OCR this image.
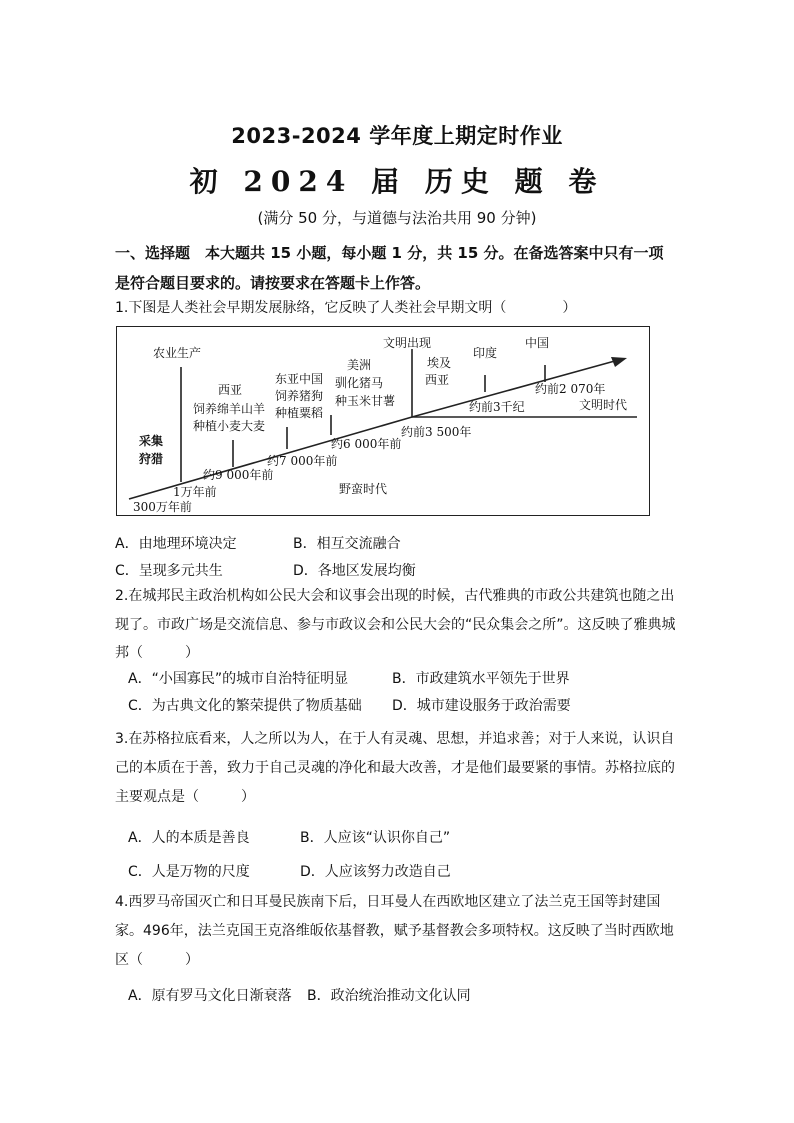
2023-2024 学年度上期定时作业
初 2024 届 历史 题 卷
(满分 50 分，与道德与法治共用 90 分钟)
一、选择题　本大题共 15 小题，每小题 1 分，共 15 分。在备选答案中只有一项是符合题目要求的。请按要求在答题卡上作答。
1.下图是人类社会早期发展脉络，它反映了人类社会早期文明（　　　　）
农业生产
西亚
饲养绵羊山羊
种植小麦大麦
东亚中国
饲养猪狗
种植粟稻
美洲
驯化猪马
种玉米甘薯
文明出现
埃及
西亚
印度
中国
采集
狩猎
300万年前
1万年前
约9 000年前
约7 000年前
约6 000年前
约前3 500年
约前3千纪
约前2 070年
文明时代
野蛮时代
A．由地理环境决定	B．相互交流融合
C．呈现多元共生	D．各地区发展均衡
2.在城邦民主政治机构如公民大会和议事会出现的时候，古代雅典的市政公共建筑也随之出现了。市政广场是交流信息、参与市政议会和公民大会的“民众集会之所”。这反映了雅典城邦（　　　）
A．“小国寡民”的城市自治特征明显	B．市政建筑水平领先于世界
C．为古典文化的繁荣提供了物质基础 D．城市建设服务于政治需要
3.在苏格拉底看来，人之所以为人，在于人有灵魂、思想，并追求善；对于人来说，认识自己的本质在于善，致力于自己灵魂的净化和最大改善，才是他们最要紧的事情。苏格拉底的主要观点是（　　　）
A．人的本质是善良	B．人应该“认识你自己”
C．人是万物的尺度	D．人应该努力改造自己
4.西罗马帝国灭亡和日耳曼民族南下后，日耳曼人在西欧地区建立了法兰克王国等封建国家。496年，法兰克国王克洛维皈依基督教，赋予基督教会多项特权。这反映了当时西欧地区（　　　）
A．原有罗马文化日渐衰落 B．政治统治推动文化认同
